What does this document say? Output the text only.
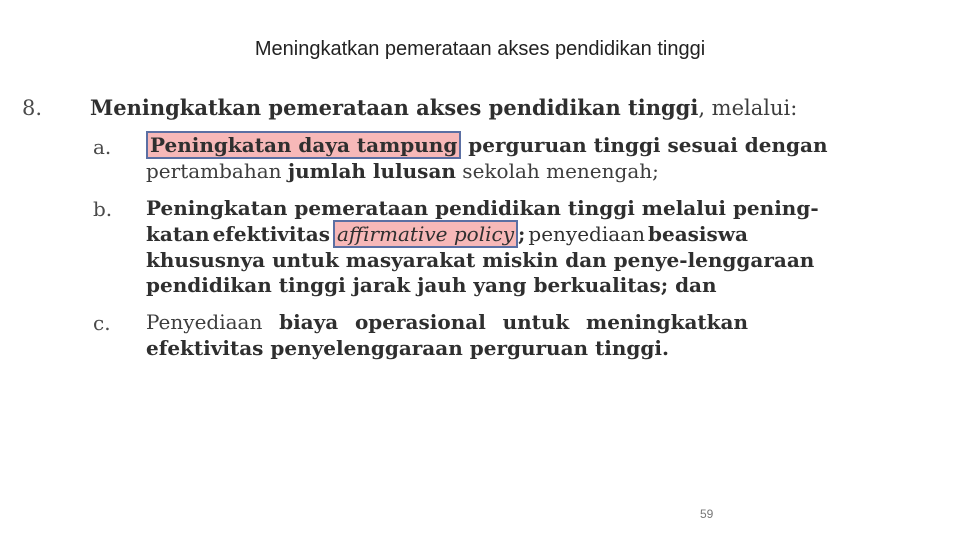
Meningkatkan pemerataan akses pendidikan tinggi
8. Meningkatkan pemerataan akses pendidikan tinggi, melalui:
a. Peningkatan daya tampung perguruan tinggi sesuai dengan
pertambahan jumlah lulusan sekolah menengah;
b. Peningkatan pemerataan pendidikan tinggi melalui pening-
katan efektivitas affirmative policy ; penyediaan beasiswa
khususnya untuk masyarakat miskin dan penye-lenggaraan
pendidikan tinggi jarak jauh yang berkualitas; dan
c. Penyediaan biaya operasional untuk meningkatkan
efektivitas penyelenggaraan perguruan tinggi.
59
